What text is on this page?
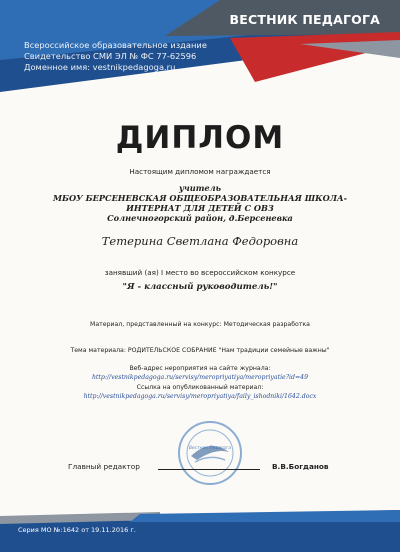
ВЕСТНИК ПЕДАГОГА
Всероссийское образовательное издание
Свидетельство СМИ ЭЛ № ФС 77-62596
Доменное имя: vestnikpedagoga.ru
ДИПЛОМ
Настоящим дипломом награждается
учитель
МБОУ БЕРСЕНЕВСКАЯ ОБЩЕОБРАЗОВАТЕЛЬНАЯ ШКОЛА-
ИНТЕРНАТ ДЛЯ ДЕТЕЙ С ОВЗ
Солнечногорский район, д.Берсеневка
Тетерина Светлана Федоровна
занявший (ая) I место во всероссийском конкурсе
"Я - классный руководитель!"
Материал, представленный на конкурс: Методическая разработка
Тема материала: РОДИТЕЛЬСКОЕ СОБРАНИЕ "Нам традиции семейные важны"
Веб-адрес нероприятия на сайте журнала:
http://vestnikpedagoga.ru/servisy/meropriyatiya/meropriyatie?id=49
Ссылка на опубликованный материал:
http://vestnikpedagoga.ru/servisy/meropriyatiya/faily_ishodniki/1642.docx
Вестник Педагога
Главный редактор	В.В.Богданов
Серия МО №:1642 от 19.11.2016 г.
